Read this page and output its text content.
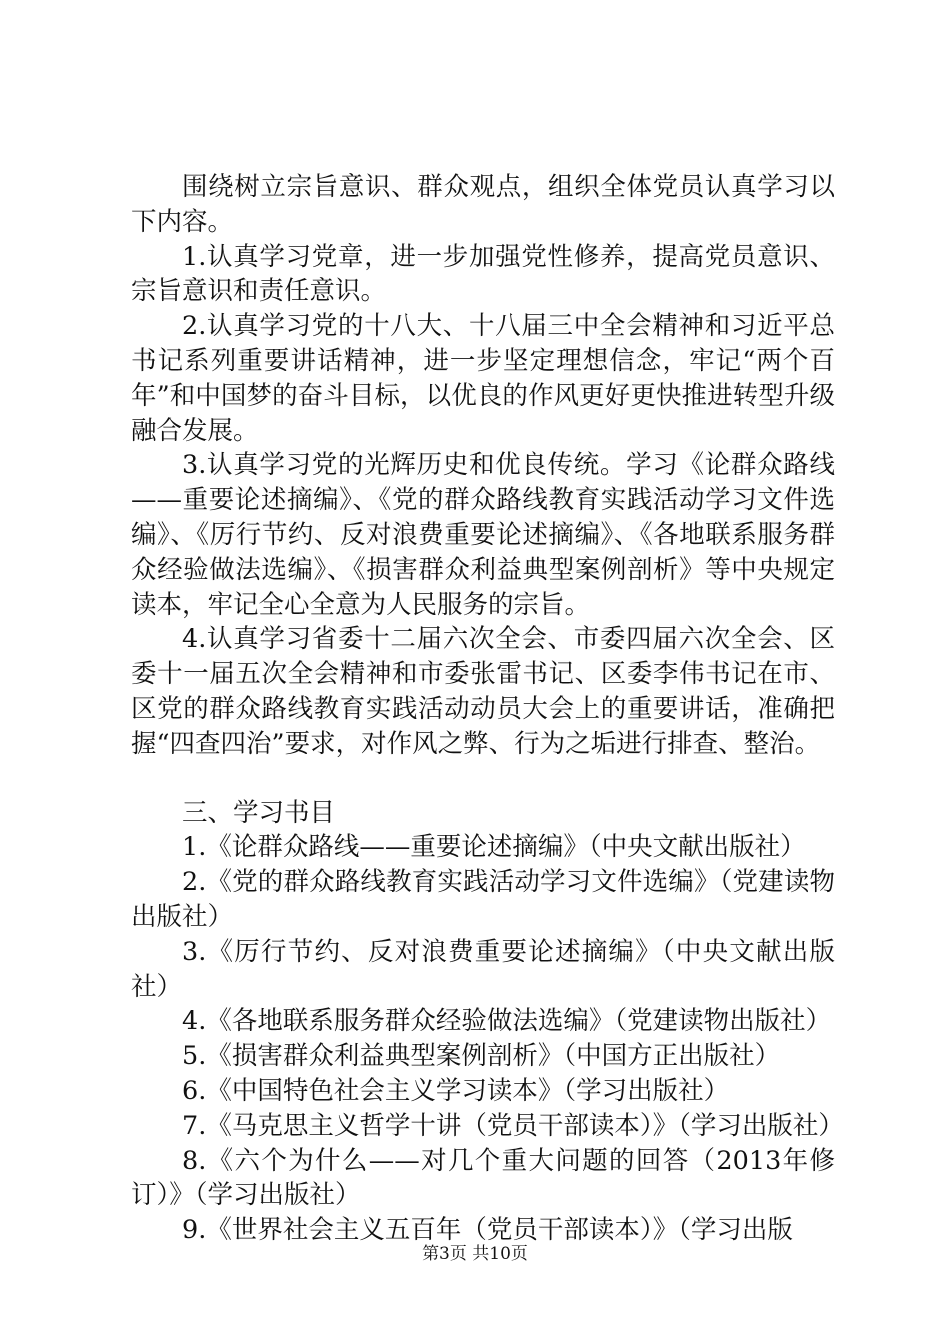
围绕树立宗旨意识、群众观点，组织全体党员认真学习以下内容。

1.认真学习党章，进一步加强党性修养，提高党员意识、宗旨意识和责任意识。

2.认真学习党的十八大、十八届三中全会精神和习近平总书记系列重要讲话精神，进一步坚定理想信念，牢记“两个百年”和中国梦的奋斗目标，以优良的作风更好更快推进转型升级融合发展。

3.认真学习党的光辉历史和优良传统。学习《论群众路线——重要论述摘编》、《党的群众路线教育实践活动学习文件选编》、《厉行节约、反对浪费重要论述摘编》、《各地联系服务群众经验做法选编》、《损害群众利益典型案例剖析》等中央规定读本，牢记全心全意为人民服务的宗旨。

4.认真学习省委十二届六次全会、市委四届六次全会、区委十一届五次全会精神和市委张雷书记、区委李伟书记在市、区党的群众路线教育实践活动动员大会上的重要讲话，准确把握“四查四治”要求，对作风之弊、行为之垢进行排查、整治。

三、学习书目

1.《论群众路线——重要论述摘编》（中央文献出版社）

2.《党的群众路线教育实践活动学习文件选编》（党建读物出版社）

3.《厉行节约、反对浪费重要论述摘编》（中央文献出版社）

4.《各地联系服务群众经验做法选编》（党建读物出版社）

5.《损害群众利益典型案例剖析》（中国方正出版社）

6.《中国特色社会主义学习读本》（学习出版社）

7.《马克思主义哲学十讲（党员干部读本）》（学习出版社）

8.《六个为什么——对几个重大问题的回答（2013年修订）》（学习出版社）

9.《世界社会主义五百年（党员干部读本）》（学习出版

第3页 共10页
